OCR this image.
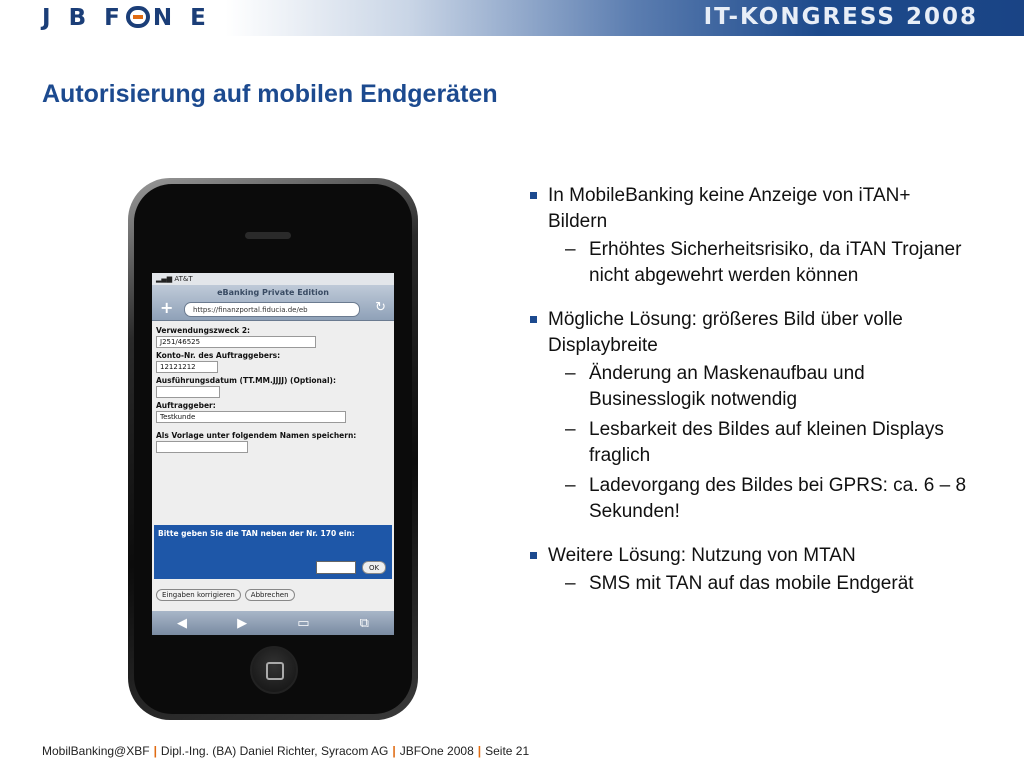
J B F N E	IT-KONGRESS 2008
Autorisierung auf mobilen Endgeräten
▂▄▆ AT&T
eBanking Private Edition
+	https://finanzportal.fiducia.de/eb	↻
Verwendungszweck 2:
J251/46525
Konto-Nr. des Auftraggebers:
12121212
Ausführungsdatum (TT.MM.JJJJ) (Optional):
Auftraggeber:
Testkunde
Als Vorlage unter folgendem Namen speichern:
Bitte geben Sie die TAN neben der Nr. 170 ein:
OK
Eingaben korrigieren	Abbrechen
◀	▶	▭	⧉
In MobileBanking keine Anzeige von iTAN+ Bildern
– Erhöhtes Sicherheitsrisiko, da iTAN Trojaner nicht abgewehrt werden können
Mögliche Lösung: größeres Bild über volle Displaybreite
– Änderung an Maskenaufbau und Businesslogik notwendig
– Lesbarkeit des Bildes auf kleinen Displays fraglich
– Ladevorgang des Bildes bei GPRS: ca. 6 – 8 Sekunden!
Weitere Lösung: Nutzung von MTAN
– SMS mit TAN auf das mobile Endgerät
MobilBanking@XBF | Dipl.-Ing. (BA) Daniel Richter, Syracom AG | JBFOne 2008 | Seite 21
